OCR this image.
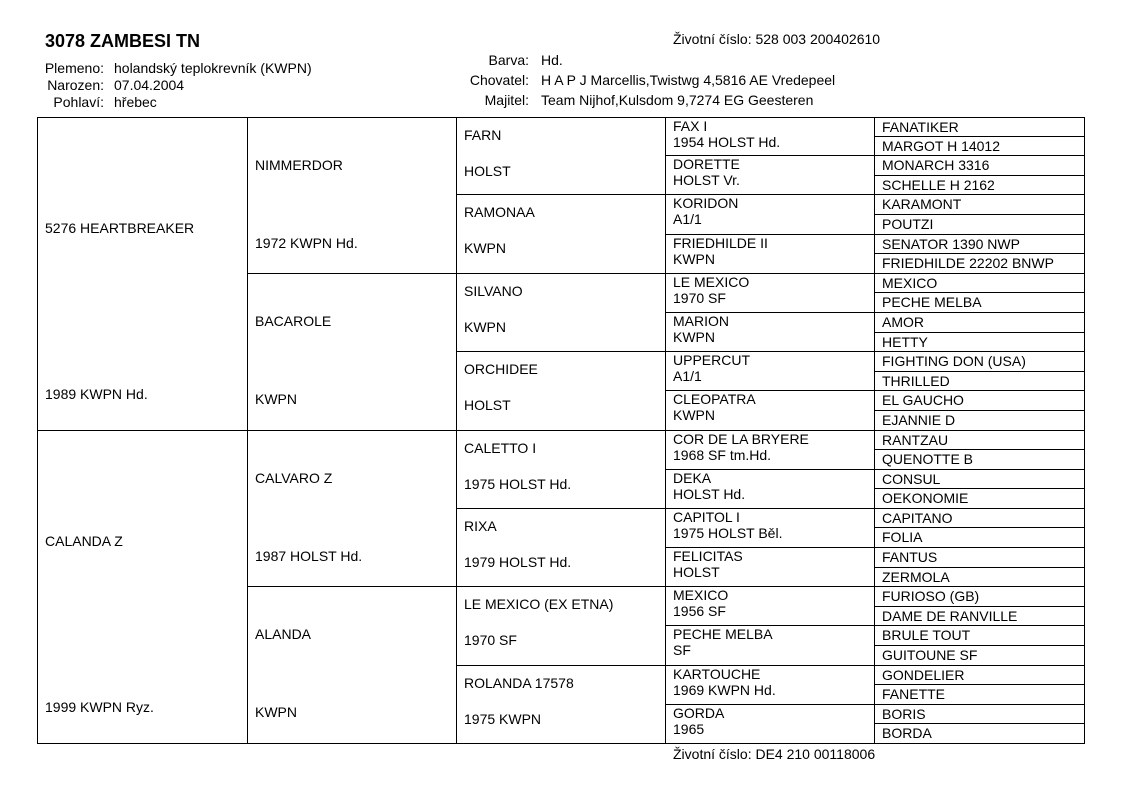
3078 ZAMBESI TN	Životní číslo: 528 003 200402610
Plemeno: holandský teplokrevník (KWPN)
Narozen: 07.04.2004
Pohlaví: hřebec
Barva: Hd.
Chovatel: H A P J Marcellis,Twistwg 4,5816 AE Vredepeel
Majitel: Team Nijhof,Kulsdom 9,7274 EG Geesteren
5276 HEARTBREAKER
1989 KWPN Hd.
CALANDA Z
1999 KWPN Ryz.
NIMMERDOR
1972 KWPN Hd.
BACAROLE
KWPN
CALVARO Z
1987 HOLST Hd.
ALANDA
KWPN
FARN
HOLST
RAMONAA
KWPN
SILVANO
KWPN
ORCHIDEE
HOLST
CALETTO I
1975 HOLST Hd.
RIXA
1979 HOLST Hd.
LE MEXICO (EX ETNA)
1970 SF
ROLANDA 17578
1975 KWPN
FAX I
1954 HOLST Hd.
DORETTE
HOLST Vr.
KORIDON
A1/1
FRIEDHILDE II
KWPN
LE MEXICO
1970 SF
MARION
KWPN
UPPERCUT
A1/1
CLEOPATRA
KWPN
COR DE LA BRYERE
1968 SF tm.Hd.
DEKA
HOLST Hd.
CAPITOL I
1975 HOLST Běl.
FELICITAS
HOLST
MEXICO
1956 SF
PECHE MELBA
SF
KARTOUCHE
1969 KWPN Hd.
GORDA
1965
FANATIKER
MARGOT H 14012
MONARCH 3316
SCHELLE H 2162
KARAMONT
POUTZI
SENATOR 1390 NWP
FRIEDHILDE 22202 BNWP
MEXICO
PECHE MELBA
AMOR
HETTY
FIGHTING DON (USA)
THRILLED
EL GAUCHO
EJANNIE D
RANTZAU
QUENOTTE B
CONSUL
OEKONOMIE
CAPITANO
FOLIA
FANTUS
ZERMOLA
FURIOSO (GB)
DAME DE RANVILLE
BRULE TOUT
GUITOUNE SF
GONDELIER
FANETTE
BORIS
BORDA
Životní číslo: DE4 210 00118006
